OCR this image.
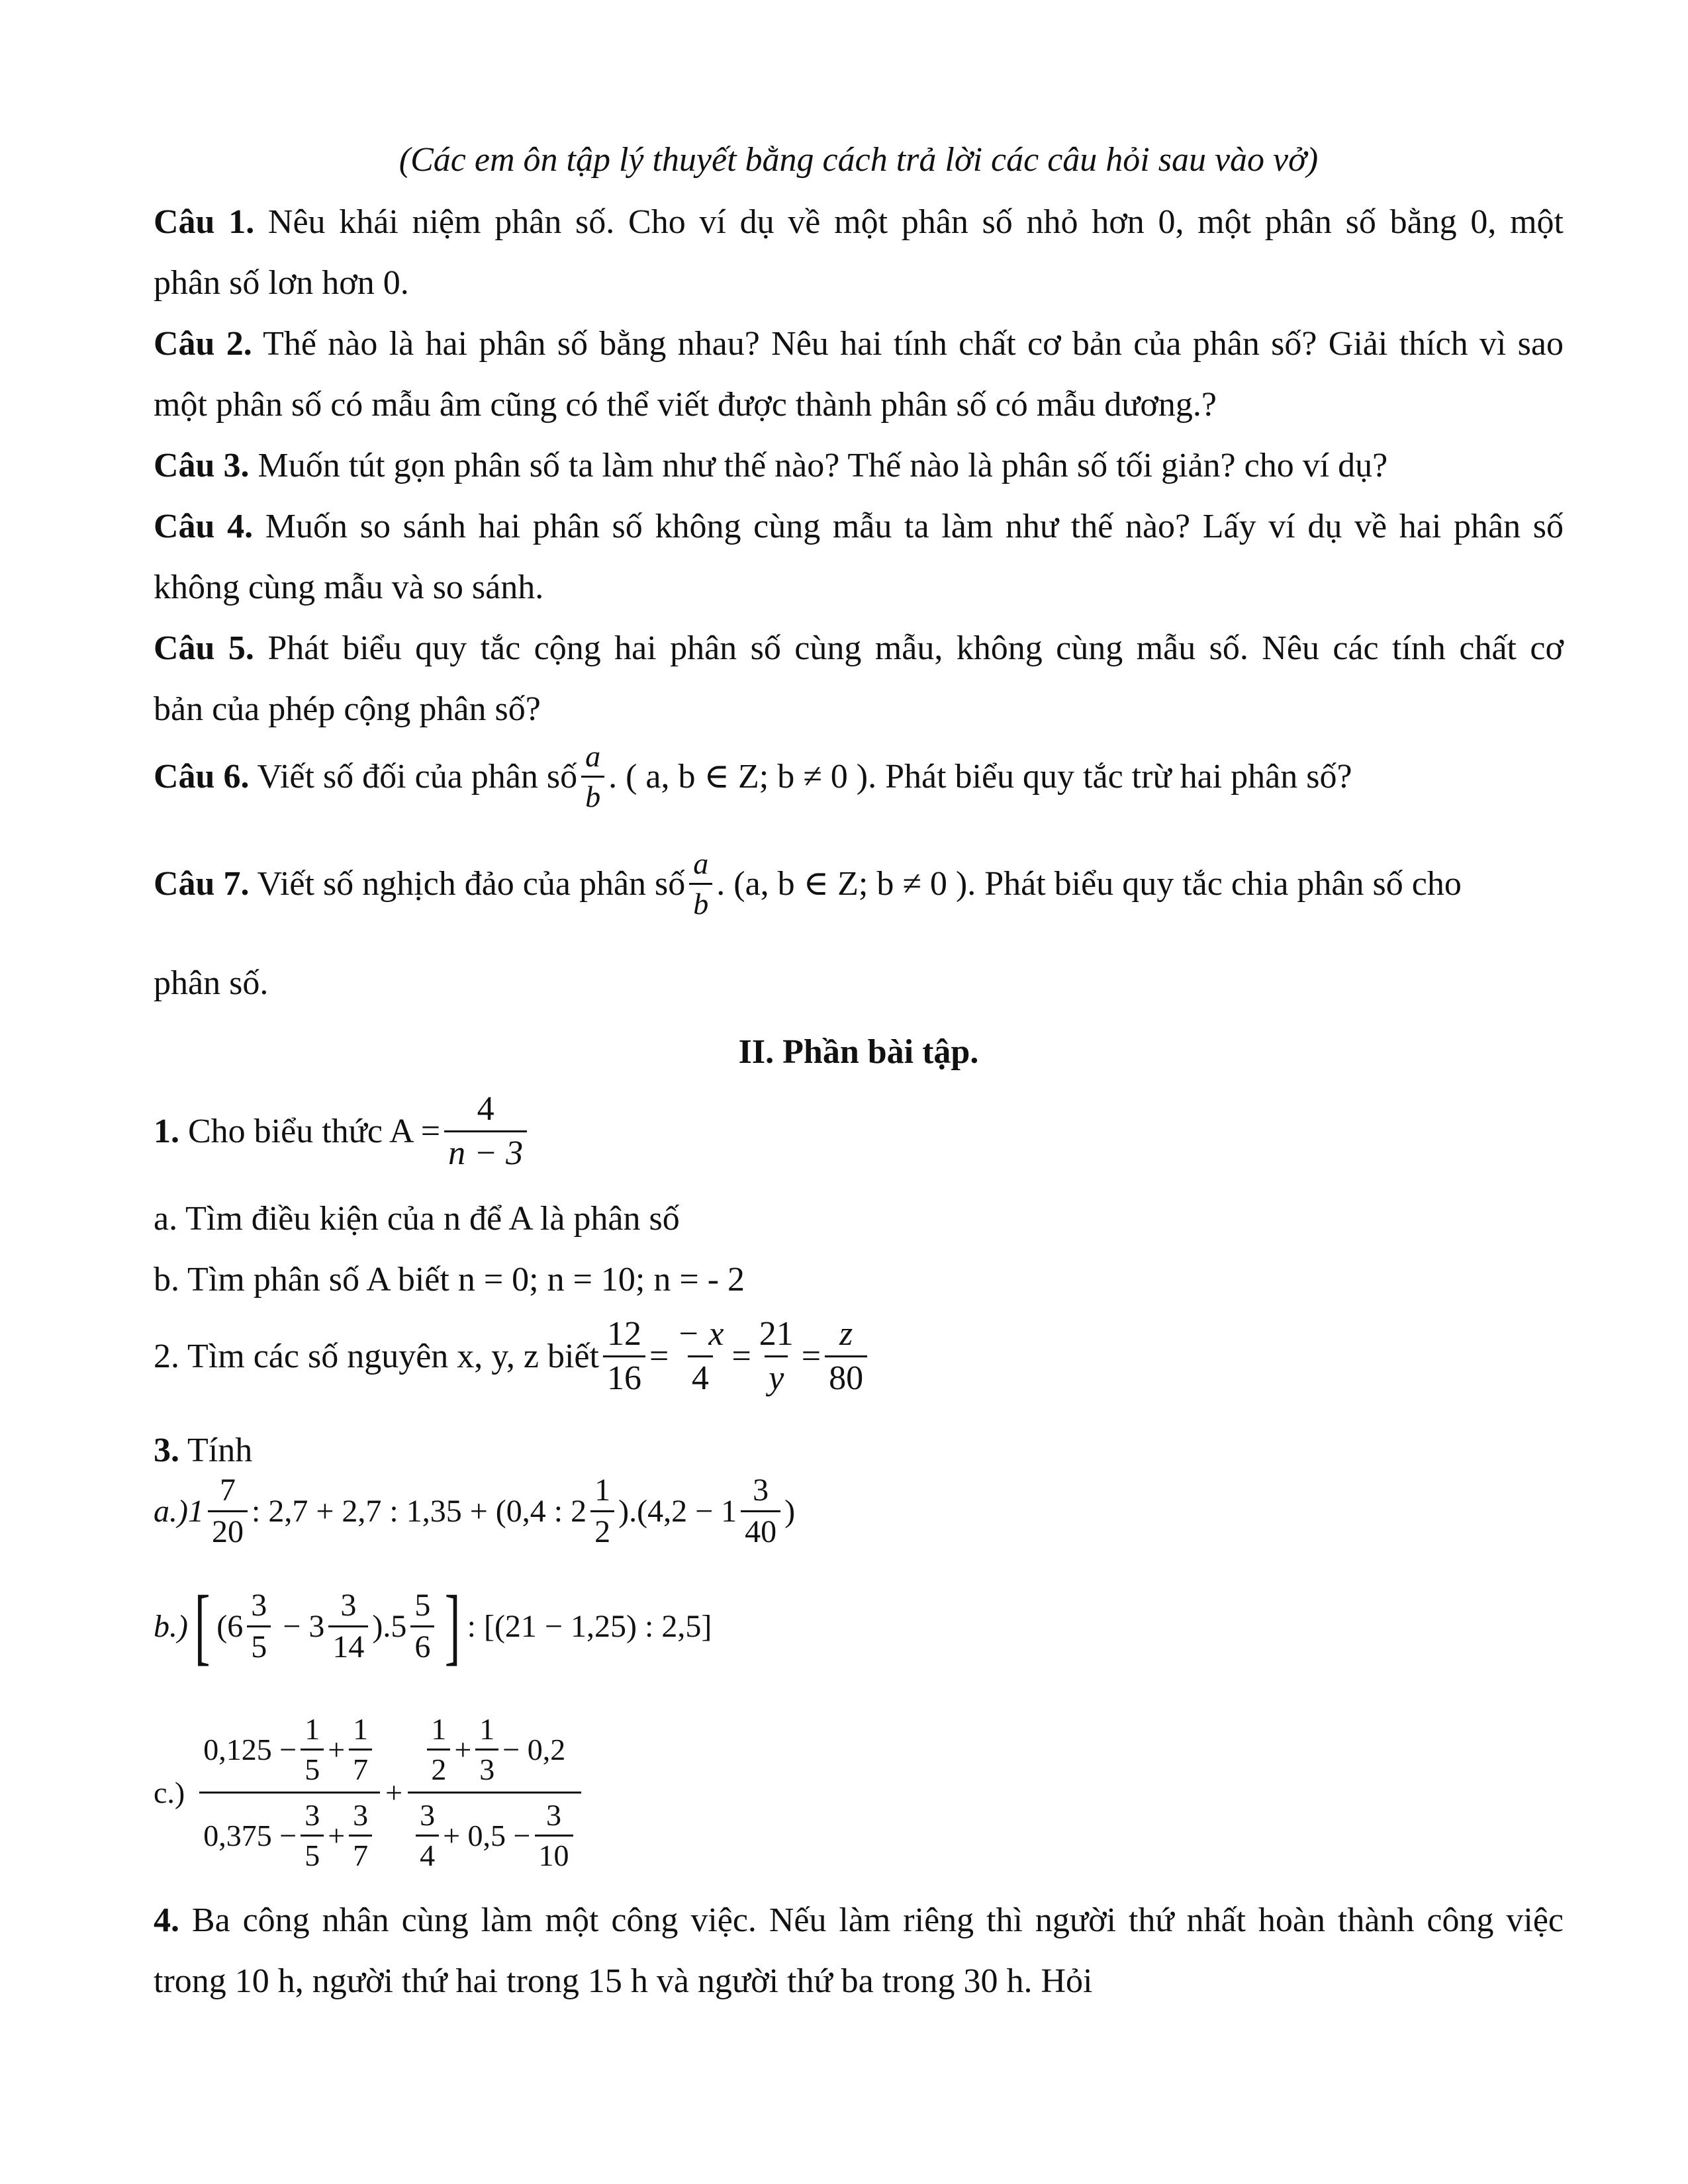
(Các em ôn tập lý thuyết bằng cách trả lời các câu hỏi sau vào vở)
Câu 1. Nêu khái niệm phân số. Cho ví dụ về một phân số nhỏ hơn 0, một phân số bằng 0, một
phân số lơn hơn 0.
Câu 2. Thế nào là hai phân số bằng nhau? Nêu hai tính chất cơ bản của phân số? Giải thích vì sao
một phân số có mẫu âm cũng có thể viết được thành phân số có mẫu dương.?
Câu 3. Muốn tút gọn phân số ta làm như thế nào? Thế nào là phân số tối giản? cho ví dụ?
Câu 4. Muốn so sánh hai phân số không cùng mẫu ta làm như thế nào? Lấy ví dụ về hai phân số
không cùng mẫu và so sánh.
Câu 5. Phát biểu quy tắc cộng hai phân số cùng mẫu, không cùng mẫu số. Nêu các tính chất cơ
bản của phép cộng phân số?
Câu 6. Viết số đối của phân số $\frac{a}{b}$ . ( a, b ∈ Z; b ≠ 0 ). Phát biểu quy tắc trừ hai phân số?
Câu 7. Viết số nghịch đảo của phân số $\frac{a}{b}$ . (a, b ∈ Z; b ≠ 0 ). Phát biểu quy tắc chia phân số cho
phân số.
II. Phần bài tập.
1. Cho biểu thức $A = \frac{4}{n - 3}$
a. Tìm điều kiện của n để A là phân số
b. Tìm phân số A biết n = 0; n = 10; n = - 2
2. Tìm các số nguyên x, y, z biết $\frac{12}{16} = \frac{- x}{4} = \frac{21}{y} = \frac{z}{80}$
3. Tính
$a.)1 \frac{7}{20}$ : 2,7 + 2,7 : 1,35 + (0,4 : $2 \frac{1}{2} ).(4,2 - 1 \frac{3}{40}$ )
b.) [ $(6 \frac{3}{5} - 3 \frac{3}{14} ).5 \frac{5}{6}$ ] : [(21 − 1,25) : 2,5]
$c.) \frac{0,125 - \frac{1}{5} + \frac{1}{7}}{0,375 - \frac{3}{5} + \frac{3}{7}} + \frac{\frac{1}{2} + \frac{1}{3} - 0,2}{\frac{3}{4} + 0,5 - \frac{3}{10}}$
4. Ba công nhân cùng làm một công việc. Nếu làm riêng thì người thứ nhất hoàn thành công việc
trong 10 h, người thứ hai trong 15 h và người thứ ba trong 30 h. Hỏi
